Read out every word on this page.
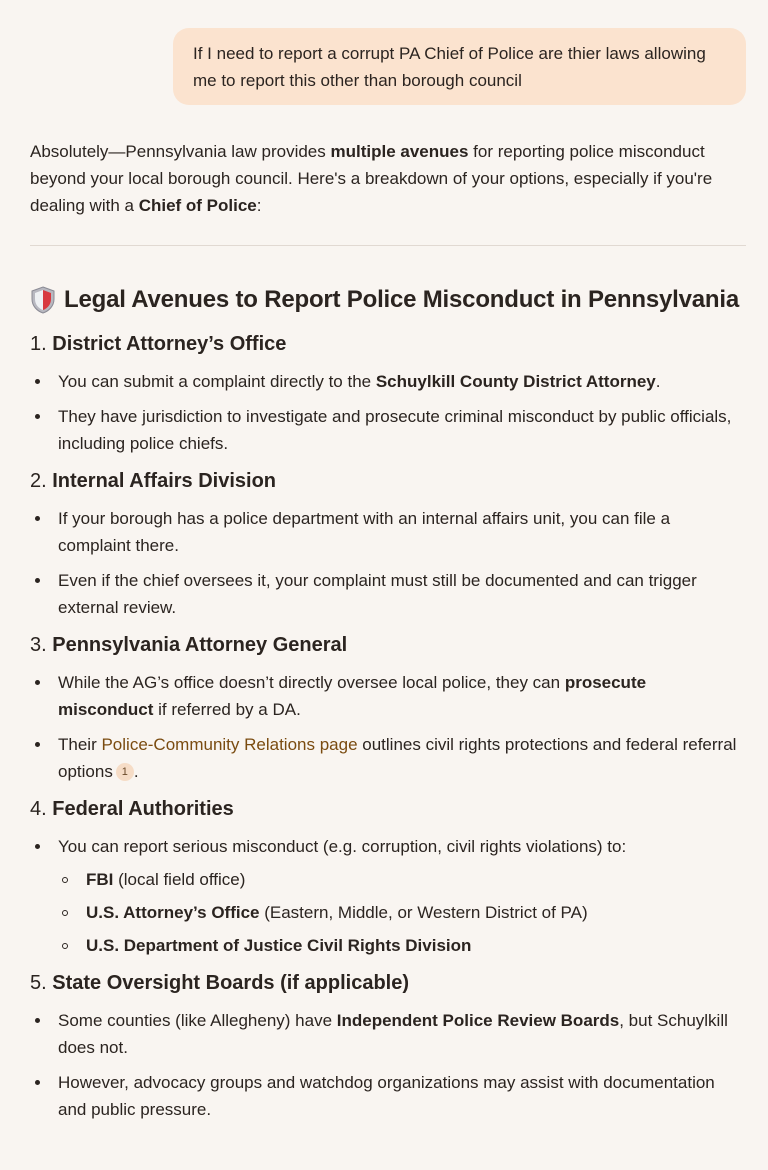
If I need to report a corrupt PA Chief of Police are thier laws allowing me to report this other than borough council

Absolutely—Pennsylvania law provides multiple avenues for reporting police misconduct beyond your local borough council. Here's a breakdown of your options, especially if you're dealing with a Chief of Police:

Legal Avenues to Report Police Misconduct in Pennsylvania
1. District Attorney’s Office
You can submit a complaint directly to the Schuylkill County District Attorney.
They have jurisdiction to investigate and prosecute criminal misconduct by public officials, including police chiefs.
2. Internal Affairs Division
If your borough has a police department with an internal affairs unit, you can file a complaint there.
Even if the chief oversees it, your complaint must still be documented and can trigger external review.
3. Pennsylvania Attorney General
While the AG’s office doesn’t directly oversee local police, they can prosecute misconduct if referred by a DA.
Their Police-Community Relations page outlines civil rights protections and federal referral options 1 .
4. Federal Authorities
You can report serious misconduct (e.g. corruption, civil rights violations) to:
FBI (local field office)
U.S. Attorney’s Office (Eastern, Middle, or Western District of PA)
U.S. Department of Justice Civil Rights Division
5. State Oversight Boards (if applicable)
Some counties (like Allegheny) have Independent Police Review Boards, but Schuylkill does not.
However, advocacy groups and watchdog organizations may assist with documentation and public pressure.
